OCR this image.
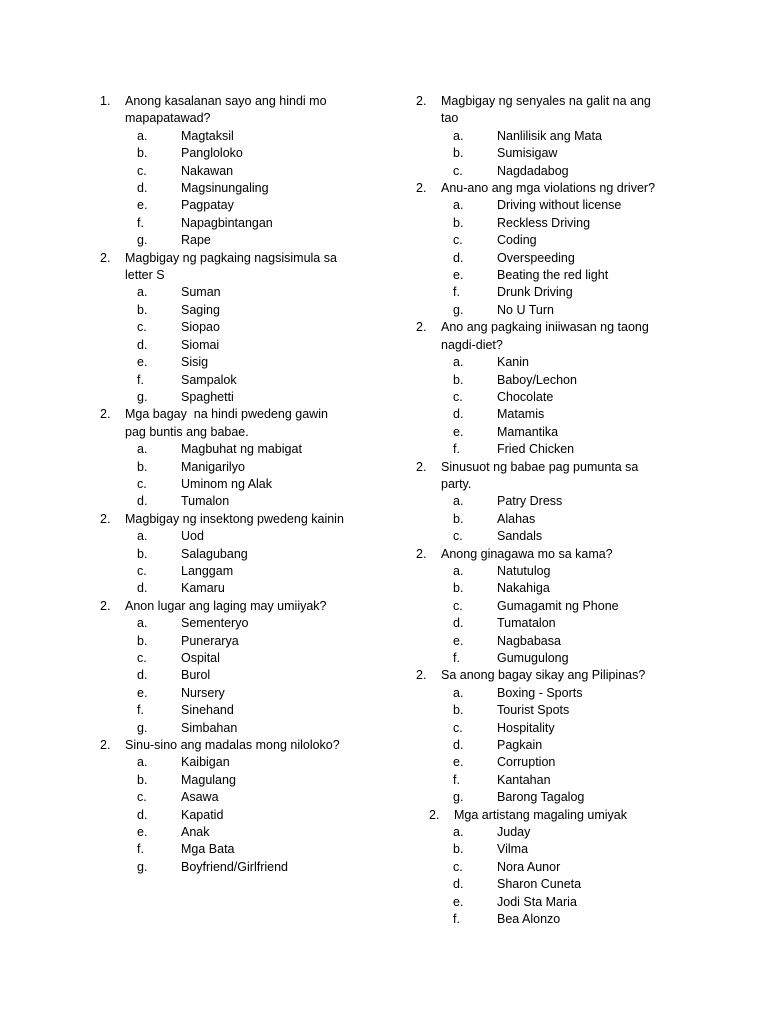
1.	Anong kasalanan sayo ang hindi mo
mapapatawad?
a.	Magtaksil
b.	Panglolok​o
c.	Nakawan
d.	Magsinungaling
e.	Pagpatay
f.	Napagbintangan
g.	Rape
2.	Magbigay ng pagkaing nagsisimula sa
letter S
a.	Suman
b.	Saging
c.	Siopao
d.	Siomai
e.	Sisig
f.	Sampalok
g.	Spaghetti
2.	Mga bagay  na hindi pwedeng gawin
pag buntis ang babae.
a.	Magbuhat ng mabigat
b.	Manigarilyo
c.	Uminom ng Alak
d.	Tumalon
2.	Magbigay ng insektong pwedeng kainin
a.	Uod
b.	Salagubang
c.	Langgam
d.	Kamaru
2.	Anon lugar ang laging may umiiyak?
a.	Sementeryo
b.	Punerarya
c.	Ospital
d.	Burol
e.	Nursery
f.	Sinehand
g.	Simbahan
2.	Sinu-sino ang madalas mong niloloko?
a.	Kaibigan
b.	Magulang
c.	Asawa
d.	Kapatid
e.	Anak
f.	Mga Bata
g.	Boyfriend/Girlfriend
2.	Magbigay ng senyales na galit na ang
tao
a.	Nanlilisik ang Mata
b.	Sumisigaw
c.	Nagdadabog
2.	Anu-ano ang mga violations ng driver?
a.	Driving without license
b.	Reckless Driving
c.	Coding
d.	Overspeeding
e.	Beating the red light
f.	Drunk Driving
g.	No U Turn
2.	Ano ang pagkaing iniiwasan ng taong
nagdi-diet?
a.	Kanin
b.	Baboy/Lechon
c.	Chocolate
d.	Matamis
e.	Mamantika
f.	Fried Chicken
2.	Sinusuot ng babae pag pumunta sa
party.
a.	Patry Dress
b.	Alahas
c.	Sandals
2.	Anong ginagawa mo sa kama?
a.	Natutulog
b.	Nakahiga
c.	Gumagamit ng Phone
d.	Tumatalon
e.	Nagbabasa
f.	Gumugulong
2.	Sa anong bagay sikay ang Pilipinas?
a.	Boxing - Sports
b.	Tourist Spots
c.	Hospitality
d.	Pagkain
e.	Corruption
f.	Kantahan
g.	Barong Tagalog
2.	Mga artistang magaling umiyak
a.	Juday
b.	Vilma
c.	Nora Aunor
d.	Sharon Cuneta
e.	Jodi Sta Maria
f.	Bea Alonzo
